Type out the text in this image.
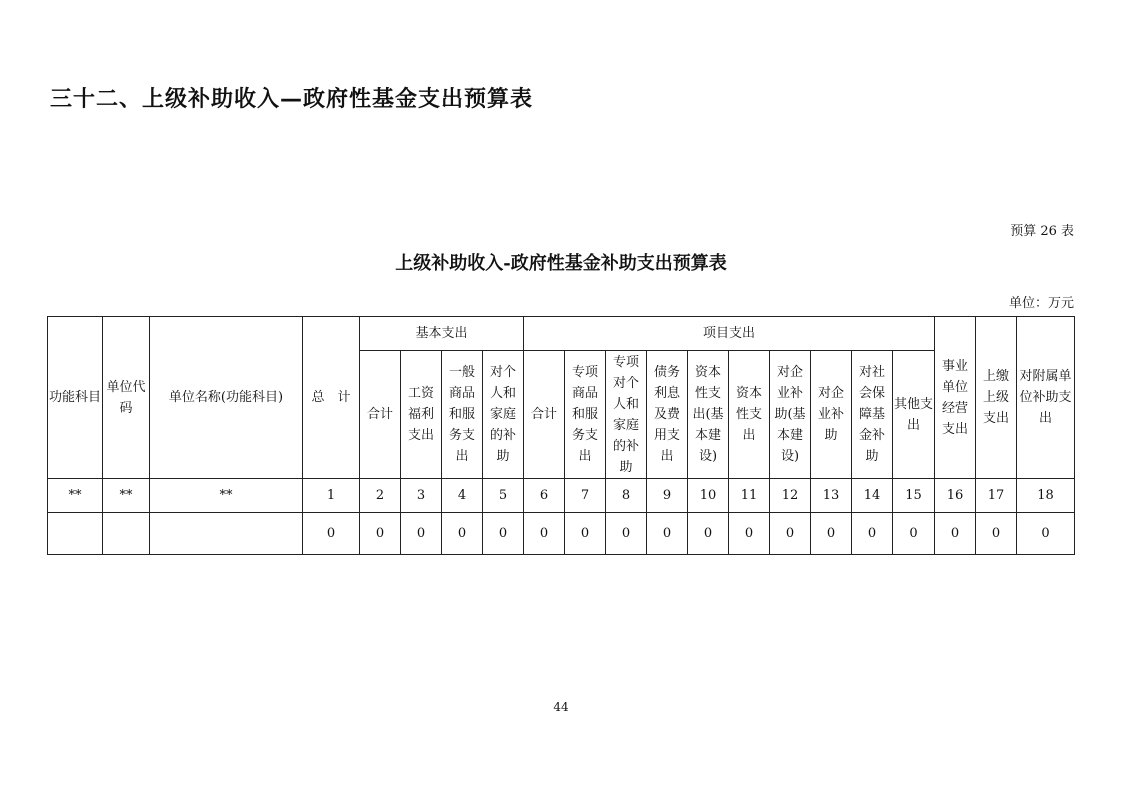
三十二、上级补助收入—政府性基金支出预算表
预算 26 表
上级补助收入-政府性基金补助支出预算表
单位：万元
功能科目	单位代码	单位名称(功能科目)	总　计	基本支出				项目支出										事业单位经营支出	上缴上级支出	对附属单位补助支出
				合计	工资福利支出	一般商品和服务支出	对个人和家庭的补助	合计	专项商品和服务支出	专项对个人和家庭的补助	债务利息及费用支出	资本性支出(基本建设)	资本性支出	对企业补助(基本建设)	对企业补助	对社会保障基金补助	其他支出			
**	**	**	1	2	3	4	5	6	7	8	9	10	11	12	13	14	15	16	17	18
			0	0	0	0	0	0	0	0	0	0	0	0	0	0	0	0	0	0
44
